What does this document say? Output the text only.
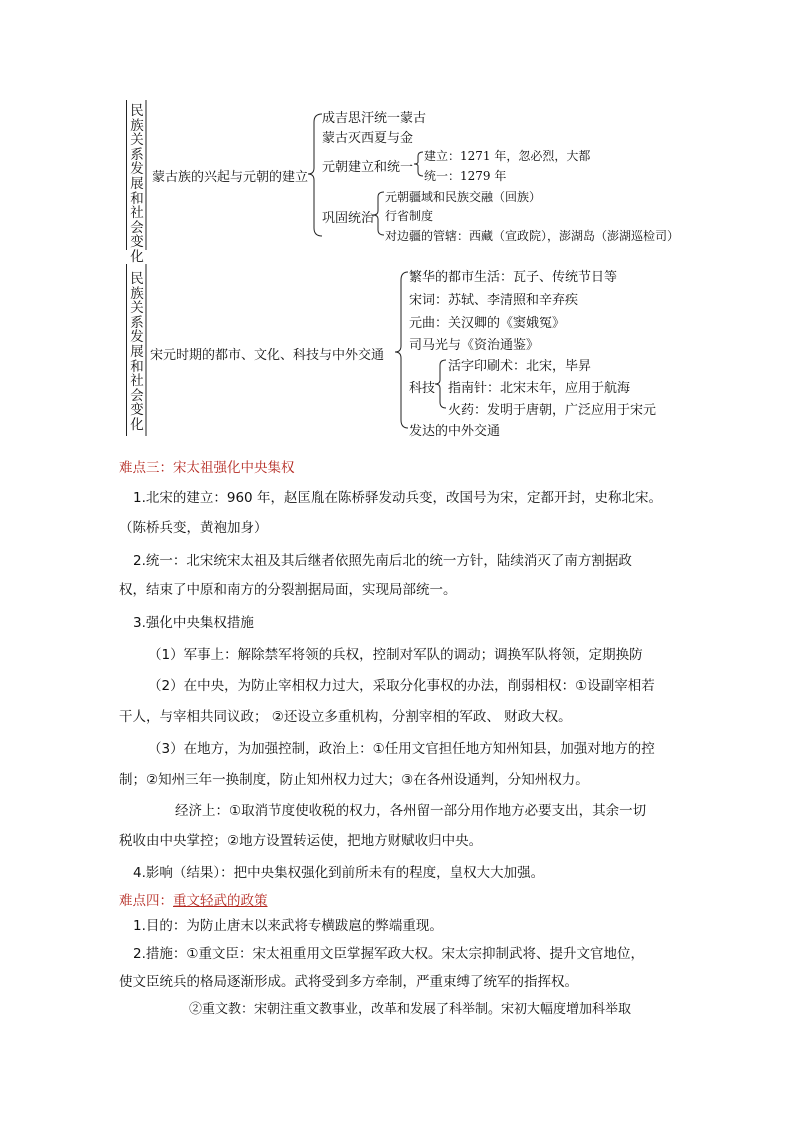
民族关系发展和社会变化
蒙古族的兴起与元朝的建立
成吉思汗统一蒙古
蒙古灭西夏与金
元朝建立和统一
建立：1271 年，忽必烈，大都
统一：1279 年
巩固统治
元朝疆域和民族交融（回族）
行省制度
对边疆的管辖：西藏（宣政院），澎湖岛（澎湖巡检司）
民族关系发展和社会变化
宋元时期的都市、文化、科技与中外交通
繁华的都市生活：瓦子、传统节日等
宋词：苏轼、李清照和辛弃疾
元曲：关汉卿的《窦娥冤》
司马光与《资治通鉴》
科技
活字印刷术：北宋，毕昇
指南针：北宋末年，应用于航海
火药：发明于唐朝，广泛应用于宋元
发达的中外交通
难点三：宋太祖强化中央集权
1.北宋的建立：960 年，赵匡胤在陈桥驿发动兵变，改国号为宋，定都开封，史称北宋。
（陈桥兵变，黄袍加身）
2.统一：北宋统宋太祖及其后继者依照先南后北的统一方针，陆续消灭了南方割据政
权，结束了中原和南方的分裂割据局面，实现局部统一。
3.强化中央集权措施
（1）军事上：解除禁军将领的兵权，控制对军队的调动；调换军队将领，定期换防
（2）在中央，为防止宰相权力过大，采取分化事权的办法，削弱相权：①设副宰相若
干人，与宰相共同议政； ②还设立多重机构，分割宰相的军政、 财政大权。
（3）在地方，为加强控制，政治上：①任用文官担任地方知州知县，加强对地方的控
制；②知州三年一换制度，防止知州权力过大；③在各州设通判，分知州权力。
经济上：①取消节度使收税的权力，各州留一部分用作地方必要支出，其余一切
税收由中央掌控；②地方设置转运使，把地方财赋收归中央。
4.影响（结果）：把中央集权强化到前所未有的程度，皇权大大加强。
难点四：重文轻武的政策
1.目的：为防止唐末以来武将专横跋扈的弊端重现。
2.措施：①重文臣：宋太祖重用文臣掌握军政大权。宋太宗抑制武将、提升文官地位，
使文臣统兵的格局逐渐形成。武将受到多方牵制，严重束缚了统军的指挥权。
②重文教：宋朝注重文教事业，改革和发展了科举制。宋初大幅度增加科举取
